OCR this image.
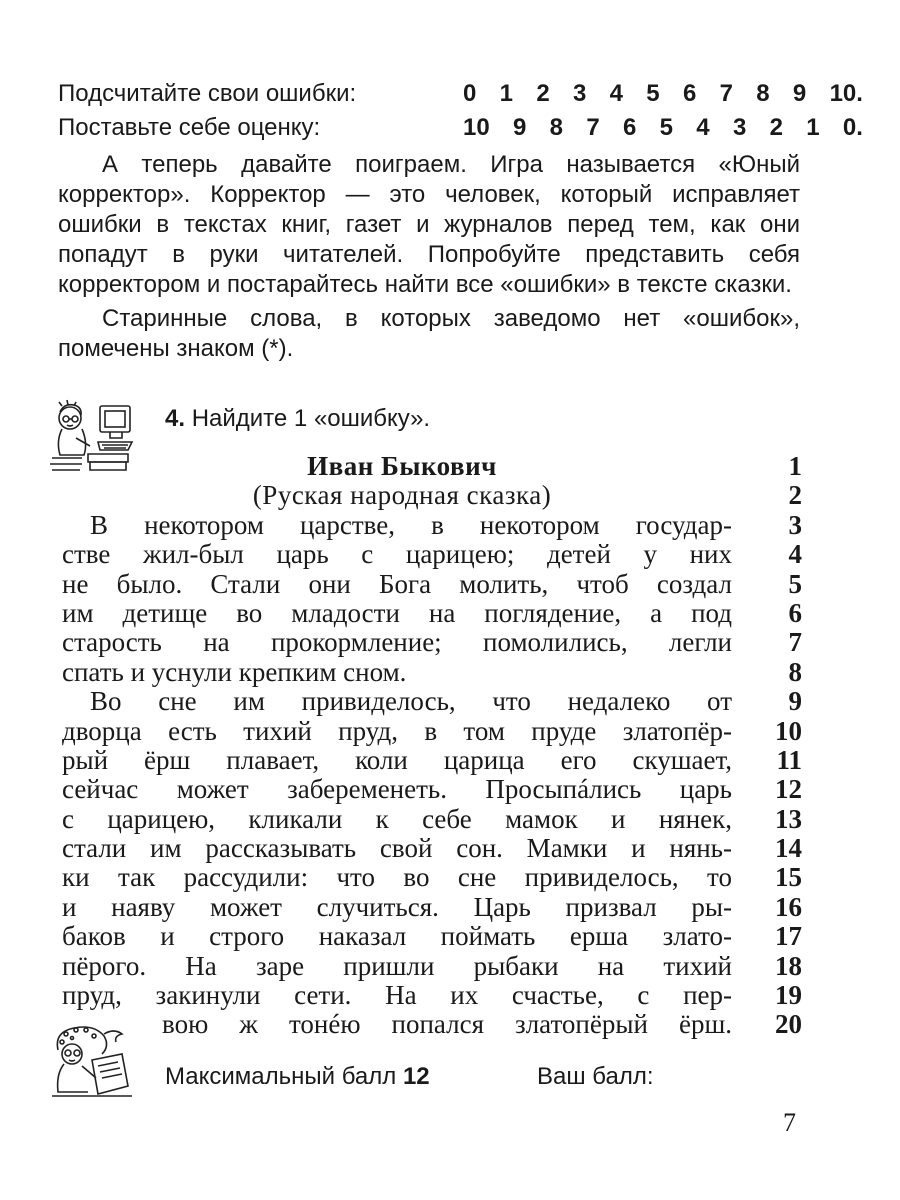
Подсчитайте свои ошибки:	0 1 2 3 4 5 6 7 8 9 10.
Поставьте себе оценку:	10 9 8 7 6 5 4 3 2 1 0.

А теперь давайте поиграем. Игра называется «Юный корректор». Корректор — это человек, который исправляет ошибки в текстах книг, газет и журналов перед тем, как они попадут в руки читателей. Попробуйте представить себя корректором и постарайтесь найти все «ошибки» в тексте сказки.

Старинные слова, в которых заведомо нет «ошибок», помечены знаком (*).

4. Найдите 1 «ошибку».
Иван Быкович	1
(Руская народная сказка)	2
В некотором царстве, в некотором государ-	3
стве жил-был царь с царицею; детей у них	4
не было. Стали они Бога молить, чтоб создал	5
им детище во младости на поглядение, а под	6
старость на прокормление; помолились, легли	7
спать и уснули крепким сном.	8
Во сне им привиделось, что недалеко от	9
дворца есть тихий пруд, в том пруде златопёр-	10
рый ёрш плавает, коли царица его скушает,	11
сейчас может забеременеть. Просыпáлись царь	12
с царицею, кликали к себе мамок и нянек,	13
стали им рассказывать свой сон. Мамки и нянь-	14
ки так рассудили: что во сне привиделось, то	15
и наяву может случиться. Царь призвал ры-	16
баков и строго наказал поймать ерша злато-	17
пёрого. На заре пришли рыбаки на тихий	18
пруд, закинули сети. На их счастье, с пер-	19
вою ж тонéю попался златопёрый ёрш.	20
Максимальный балл 12	Ваш балл:
7
